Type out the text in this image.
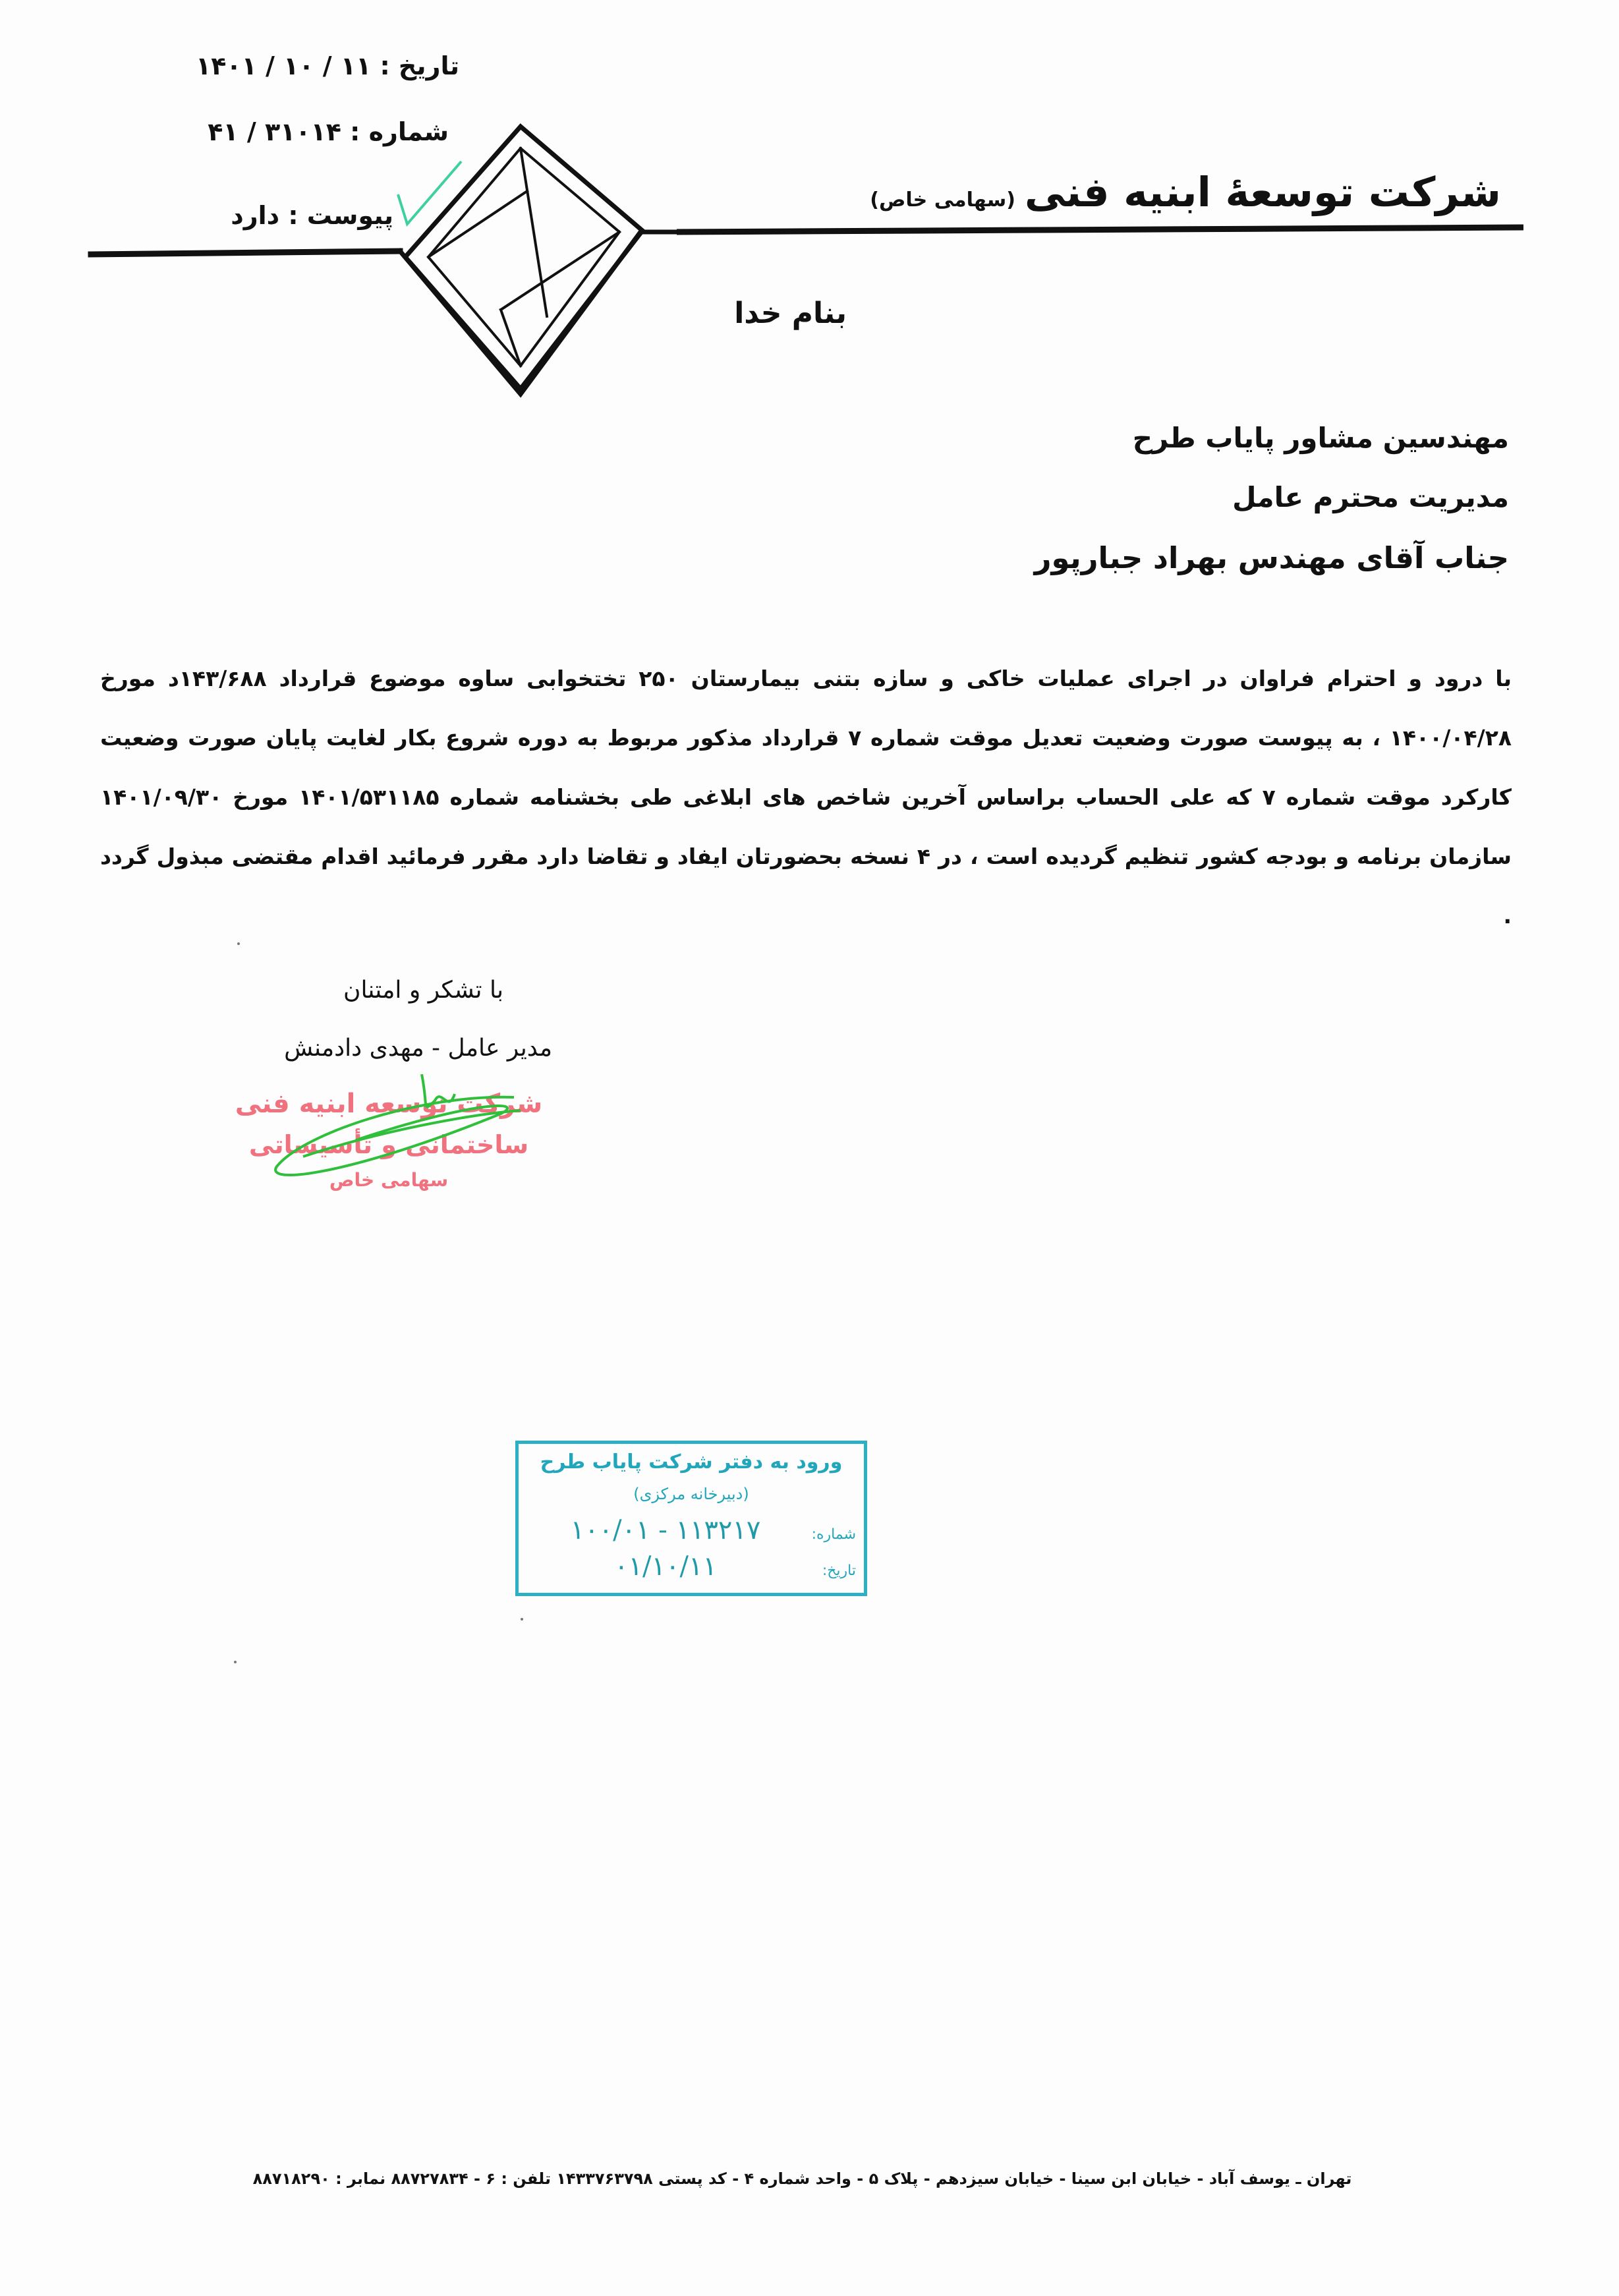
تاریخ : ۱۱ / ۱۰ / ۱۴۰۱
شماره : ۳۱۰۱۴ / ۴۱
پیوست : دارد	شرکت توسعهٔ ابنیه فنی(سهامی خاص)
بنام خدا
مهندسین مشاور پایاب طرح
مدیریت محترم عامل
جناب آقای مهندس بهراد جبارپور
با درود و احترام فراوان در اجرای عملیات خاکی و سازه بتنی بیمارستان ۲۵۰ تختخوابی ساوه موضوع قرارداد ۱۴۳/۶۸۸د مورخ ۱۴۰۰/۰۴/۲۸ ، به پیوست صورت وضعیت تعدیل موقت شماره ۷ قرارداد مذکور مربوط به دوره شروع بکار لغایت پایان صورت وضعیت کارکرد موقت شماره ۷ که علی الحساب براساس آخرین شاخص های ابلاغی طی بخشنامه شماره ۱۴۰۱/۵۳۱۱۸۵ مورخ ۱۴۰۱/۰۹/۳۰ سازمان برنامه و بودجه کشور تنظیم گردیده است ، در ۴ نسخه بحضورتان ایفاد و تقاضا دارد مقرر فرمائید اقدام مقتضی مبذول گردد .
با تشکر و امتنان
مدیر عامل - مهدی دادمنش
شرکت توسعه ابنیه فنی
ساختمانی و تأسیساتی
سهامی خاص
ورود به دفتر شرکت پایاب طرح
(دبیرخانه مرکزی)
شماره:
۱۱۳۲۱۷ - ۱۰۰/۰۱
تاریخ:
۰۱/۱۰/۱۱
تهران ـ یوسف آباد - خیابان ابن سینا - خیابان سیزدهم - پلاک ۵ - واحد شماره ۴ - کد پستی ۱۴۳۳۷۶۳۷۹۸ تلفن : ۶ - ۸۸۷۲۷۸۳۴ نمابر : ۸۸۷۱۸۲۹۰
